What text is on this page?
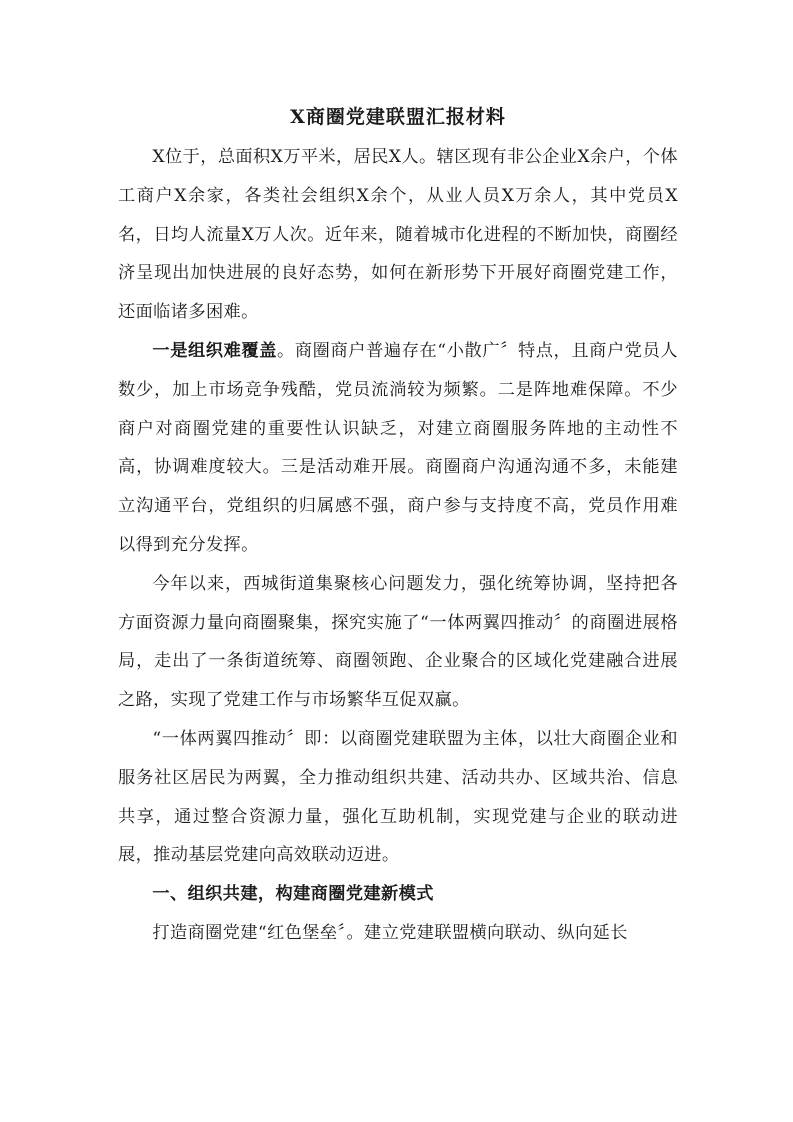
X商圈党建联盟汇报材料

X位于，总面积X万平米，居民X人。辖区现有非公企业X余户，个体工商户X余家，各类社会组织X余个，从业人员X万余人，其中党员X名，日均人流量X万人次。近年来，随着城市化进程的不断加快，商圈经济呈现出加快进展的良好态势，如何在新形势下开展好商圈党建工作，还面临诸多困难。

一是组织难覆盖。商圈商户普遍存在“小散广〞特点，且商户党员人数少，加上市场竞争残酷，党员流淌较为频繁。二是阵地难保障。不少商户对商圈党建的重要性认识缺乏，对建立商圈服务阵地的主动性不高，协调难度较大。三是活动难开展。商圈商户沟通沟通不多，未能建立沟通平台，党组织的归属感不强，商户参与支持度不高，党员作用难以得到充分发挥。

今年以来，西城街道集聚核心问题发力，强化统筹协调，坚持把各方面资源力量向商圈聚集，探究实施了“一体两翼四推动〞的商圈进展格局，走出了一条街道统筹、商圈领跑、企业聚合的区域化党建融合进展之路，实现了党建工作与市场繁华互促双赢。

“一体两翼四推动〞即：以商圈党建联盟为主体，以壮大商圈企业和服务社区居民为两翼，全力推动组织共建、活动共办、区域共治、信息共享，通过整合资源力量，强化互助机制，实现党建与企业的联动进展，推动基层党建向高效联动迈进。

一、组织共建，构建商圈党建新模式

打造商圈党建“红色堡垒〞。建立党建联盟横向联动、纵向延长
